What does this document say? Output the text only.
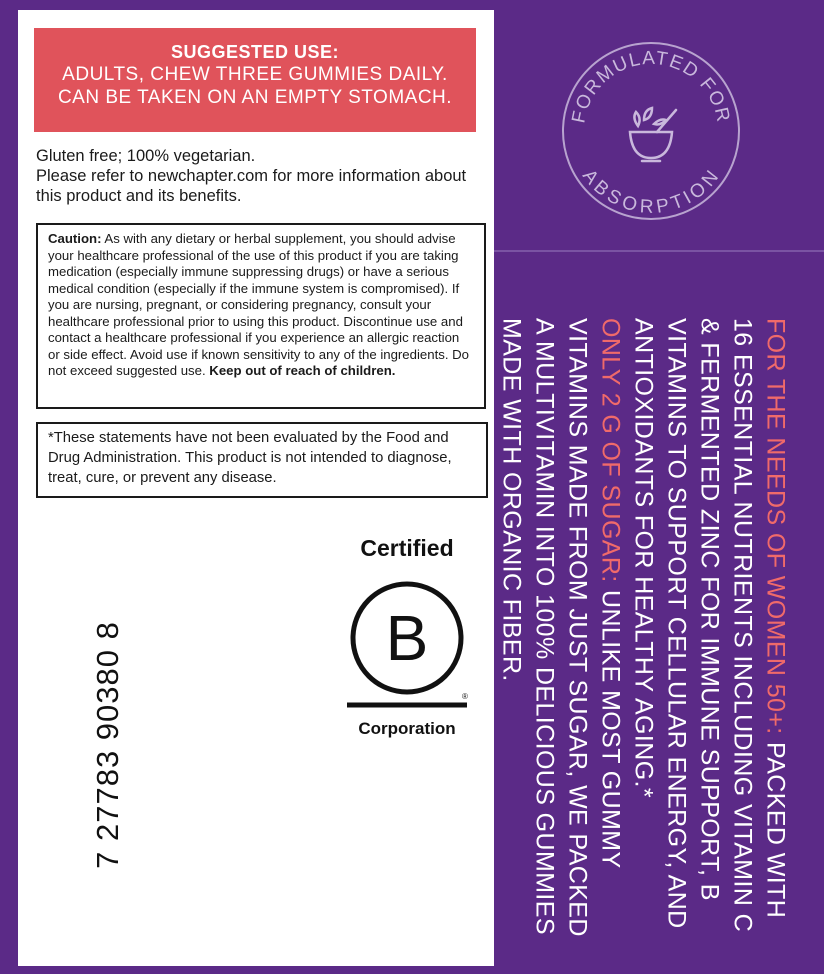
SUGGESTED USE:
ADULTS, CHEW THREE GUMMIES DAILY.
CAN BE TAKEN ON AN EMPTY STOMACH.
Gluten free; 100% vegetarian.
Please refer to newchapter.com for more information about this product and its benefits.
Caution: As with any dietary or herbal supplement, you should advise your healthcare professional of the use of this product if you are taking medication (especially immune suppressing drugs) or have a serious medical condition (especially if the immune system is compromised). If you are nursing, pregnant, or considering pregnancy, consult your healthcare professional prior to using this product. Discontinue use and contact a healthcare professional if you experience an allergic reaction or side effect. Avoid use if known sensitivity to any of the ingredients. Do not exceed suggested use. Keep out of reach of children.
*These statements have not been evaluated by the Food and Drug Administration. This product is not intended to diagnose, treat, cure, or prevent any disease.
7 27783 90380 8
Certified
B
®
Corporation
FORMULATED FOR
ABSORPTION
FOR THE NEEDS OF WOMEN 50+: PACKED WITH 16 ESSENTIAL NUTRIENTS INCLUDING VITAMIN C & FERMENTED ZINC FOR IMMUNE SUPPORT, B VITAMINS TO SUPPORT CELLULAR ENERGY, AND ANTIOXIDANTS FOR HEALTHY AGING.*
ONLY 2 G OF SUGAR: UNLIKE MOST GUMMY VITAMINS MADE FROM JUST SUGAR, WE PACKED A MULTIVITAMIN INTO 100% DELICIOUS GUMMIES MADE WITH ORGANIC FIBER.
